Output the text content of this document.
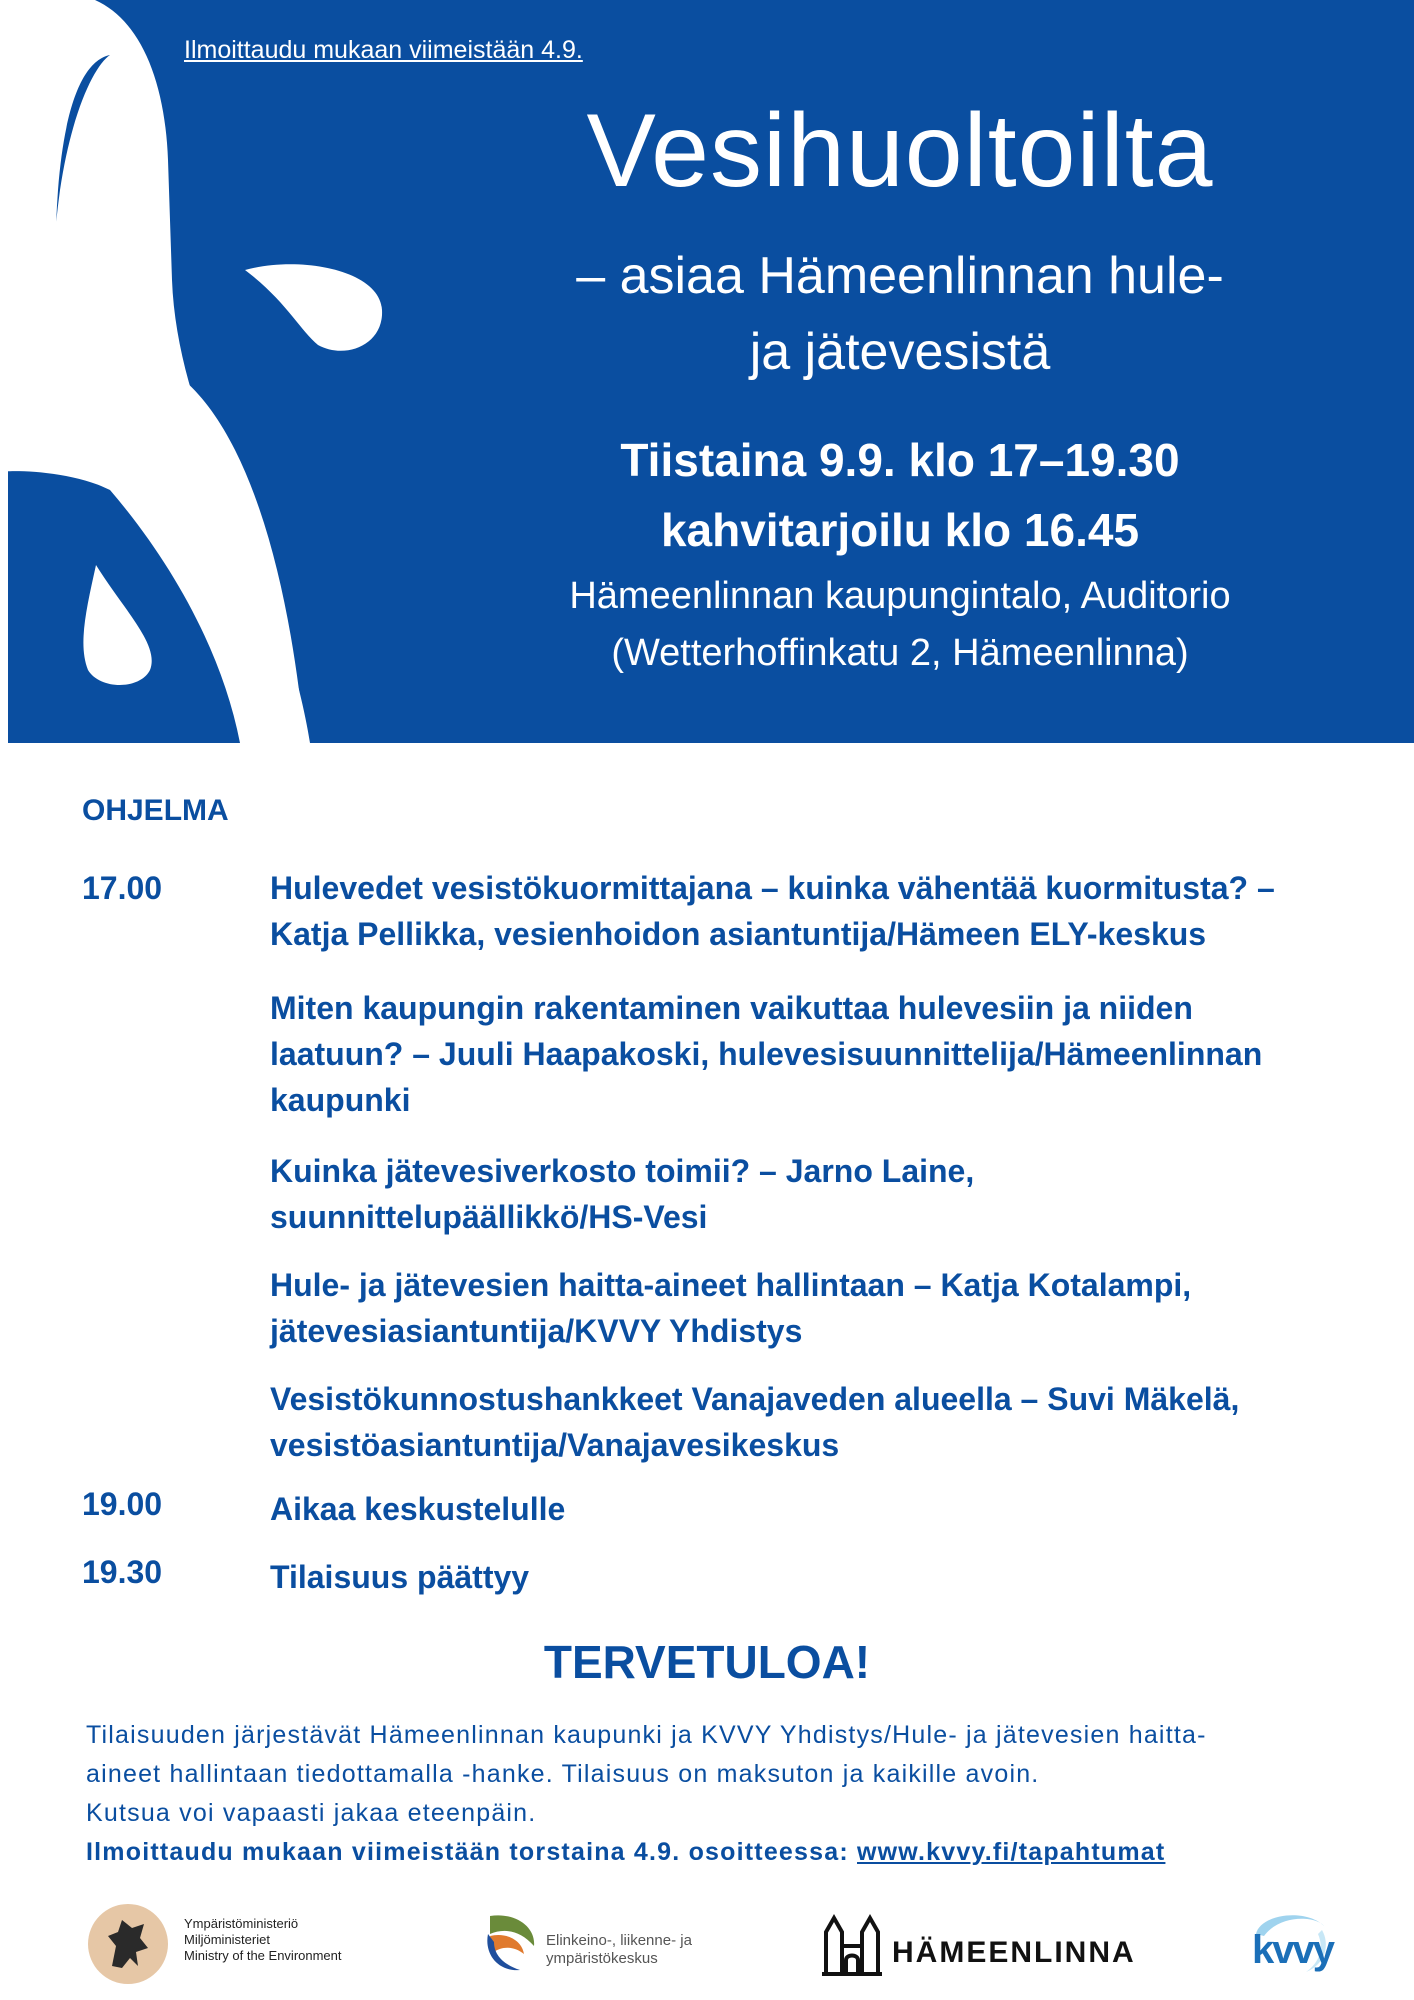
Ilmoittaudu mukaan viimeistään 4.9.
Vesihuoltoilta
– asiaa Hämeenlinnan hule-
ja jätevesistä
Tiistaina 9.9. klo 17–19.30
kahvitarjoilu klo 16.45
Hämeenlinnan kaupungintalo, Auditorio
(Wetterhoffinkatu 2, Hämeenlinna)
OHJELMA
17.00	Hulevedet vesistökuormittajana – kuinka vähentää kuormitusta? –
Katja Pellikka, vesienhoidon asiantuntija/Hämeen ELY-keskus
Miten kaupungin rakentaminen vaikuttaa hulevesiin ja niiden
laatuun? – Juuli Haapakoski, hulevesisuunnittelija/Hämeenlinnan
kaupunki
Kuinka jätevesiverkosto toimii? – Jarno Laine,
suunnittelupäällikkö/HS-Vesi
Hule- ja jätevesien haitta-aineet hallintaan – Katja Kotalampi,
jätevesiasiantuntija/KVVY Yhdistys
Vesistökunnostushankkeet Vanajaveden alueella – Suvi Mäkelä,
vesistöasiantuntija/Vanajavesikeskus
19.00	Aikaa keskustelulle
19.30	Tilaisuus päättyy
TERVETULOA!

Tilaisuuden järjestävät Hämeenlinnan kaupunki ja KVVY Yhdistys/Hule- ja jätevesien haitta-

aineet hallintaan tiedottamalla -hanke. Tilaisuus on maksuton ja kaikille avoin.

Kutsua voi vapaasti jakaa eteenpäin.

Ilmoittaudu mukaan viimeistään torstaina 4.9. osoitteessa: www.kvvy.fi/tapahtumat

Ympäristöministeriö
Miljöministeriet
Ministry of the Environment
Elinkeino-, liikenne- ja
ympäristökeskus	HÄMEENLINNA	kvvy
